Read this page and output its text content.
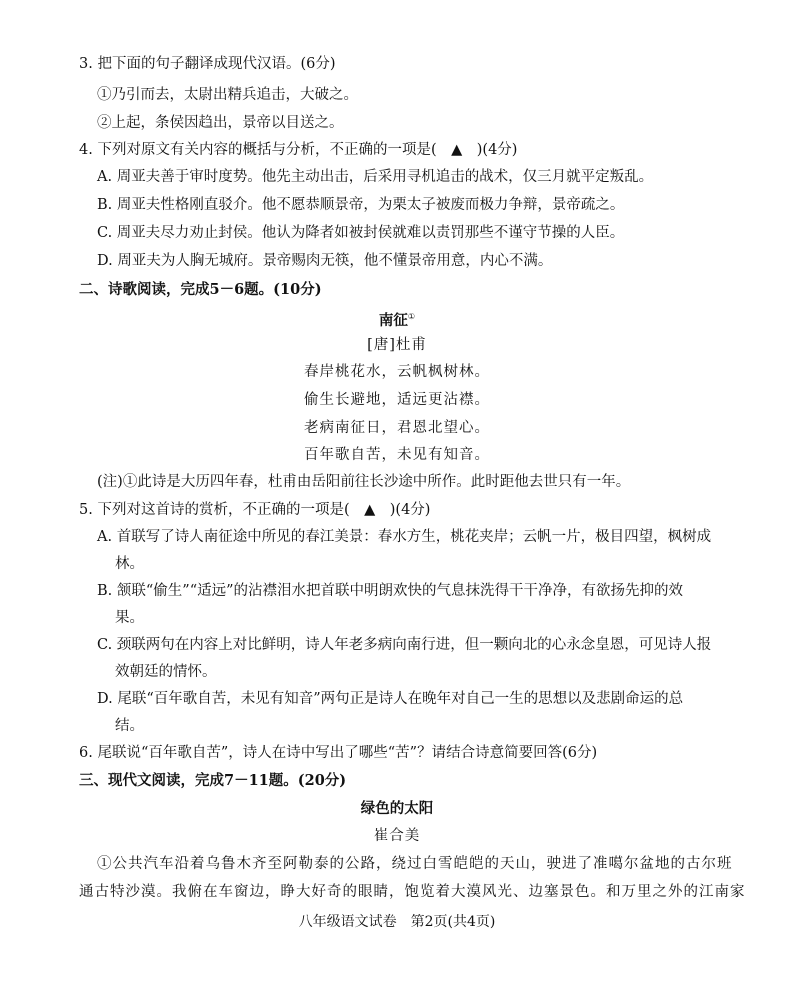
3. 把下面的句子翻译成现代汉语。(6分)
①乃引而去，太尉出精兵追击，大破之。
②上起，条侯因趋出，景帝以目送之。
4. 下列对原文有关内容的概括与分析，不正确的一项是(　▲　)(4分)
A. 周亚夫善于审时度势。他先主动出击，后采用寻机追击的战术，仅三月就平定叛乱。
B. 周亚夫性格刚直驳介。他不愿恭顺景帝，为栗太子被废而极力争辩，景帝疏之。
C. 周亚夫尽力劝止封侯。他认为降者如被封侯就难以责罚那些不谨守节操的人臣。
D. 周亚夫为人胸无城府。景帝赐肉无筷，他不懂景帝用意，内心不满。
二、诗歌阅读，完成5－6题。(10分)
南征①
[唐]杜甫
春岸桃花水，云帆枫树林。
偷生长避地，适远更沾襟。
老病南征日，君恩北望心。
百年歌自苦，未见有知音。
(注)①此诗是大历四年春，杜甫由岳阳前往长沙途中所作。此时距他去世只有一年。
5. 下列对这首诗的赏析，不正确的一项是(　▲　)(4分)
A. 首联写了诗人南征途中所见的春江美景：春水方生，桃花夹岸；云帆一片，极目四望，枫树成
林。
B. 颔联“偷生”“适远”的沾襟泪水把首联中明朗欢快的气息抹洗得干干净净，有欲扬先抑的效
果。
C. 颈联两句在内容上对比鲜明，诗人年老多病向南行进，但一颗向北的心永念皇恩，可见诗人报
效朝廷的情怀。
D. 尾联“百年歌自苦，未见有知音”两句正是诗人在晚年对自己一生的思想以及悲剧命运的总
结。
6. 尾联说“百年歌自苦”，诗人在诗中写出了哪些“苦”？请结合诗意简要回答(6分)
三、现代文阅读，完成7－11题。(20分)
绿色的太阳
崔合美
①公共汽车沿着乌鲁木齐至阿勒泰的公路，绕过白雪皑皑的天山，驶进了准噶尔盆地的古尔班
通古特沙漠。我俯在车窗边，睁大好奇的眼睛，饱览着大漠风光、边塞景色。和万里之外的江南家
八年级语文试卷　第2页(共4页)
